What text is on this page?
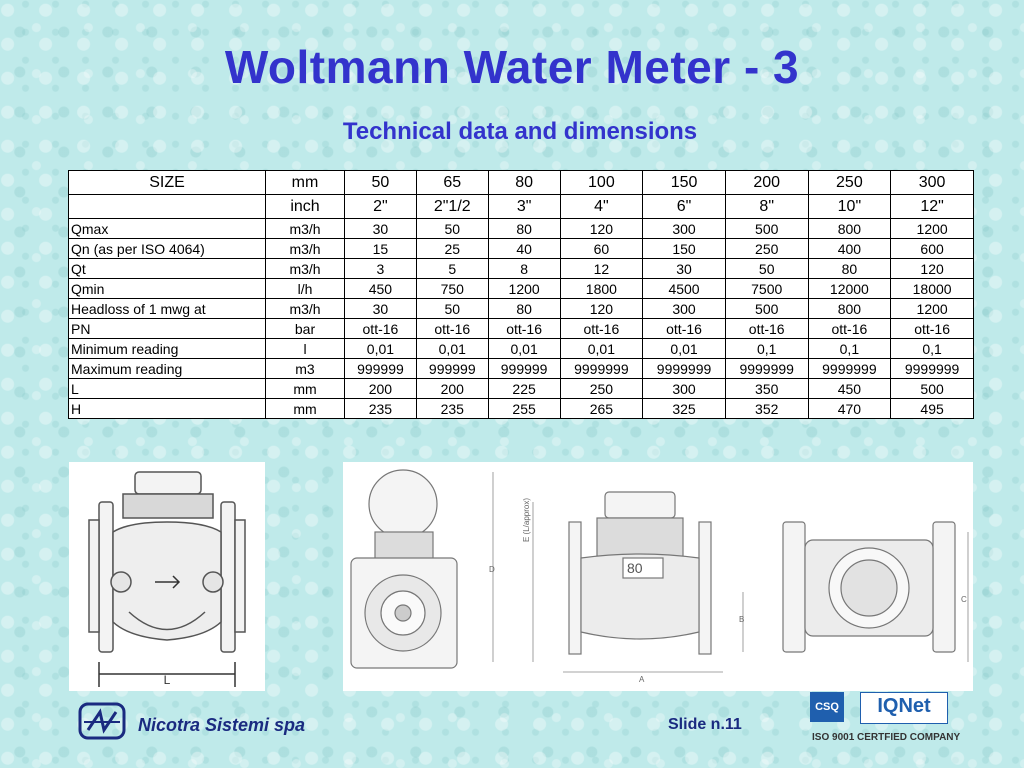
Woltmann Water Meter - 3
Technical data and dimensions
SIZE	mm	50	65	80	100	150	200	250	300
	inch	2"	2"1/2	3"	4"	6"	8"	10"	12"
Qmax	m3/h	30	50	80	120	300	500	800	1200
Qn (as per ISO 4064)	m3/h	15	25	40	60	150	250	400	600
Qt	m3/h	3	5	8	12	30	50	80	120
Qmin	l/h	450	750	1200	1800	4500	7500	12000	18000
Headloss of 1 mwg at	m3/h	30	50	80	120	300	500	800	1200
PN	bar	ott-16	ott-16	ott-16	ott-16	ott-16	ott-16	ott-16	ott-16
Minimum reading	l	0,01	0,01	0,01	0,01	0,01	0,1	0,1	0,1
Maximum reading	m3	999999	999999	999999	9999999	9999999	9999999	9999999	9999999
L	mm	200	200	225	250	300	350	450	500
H	mm	235	235	255	265	325	352	470	495
L
D
E (L/approx)
A
B
C
80
Nicotra Sistemi spa	Slide n.11
CSQ	IQNet
ISO 9001 CERTFIED COMPANY
